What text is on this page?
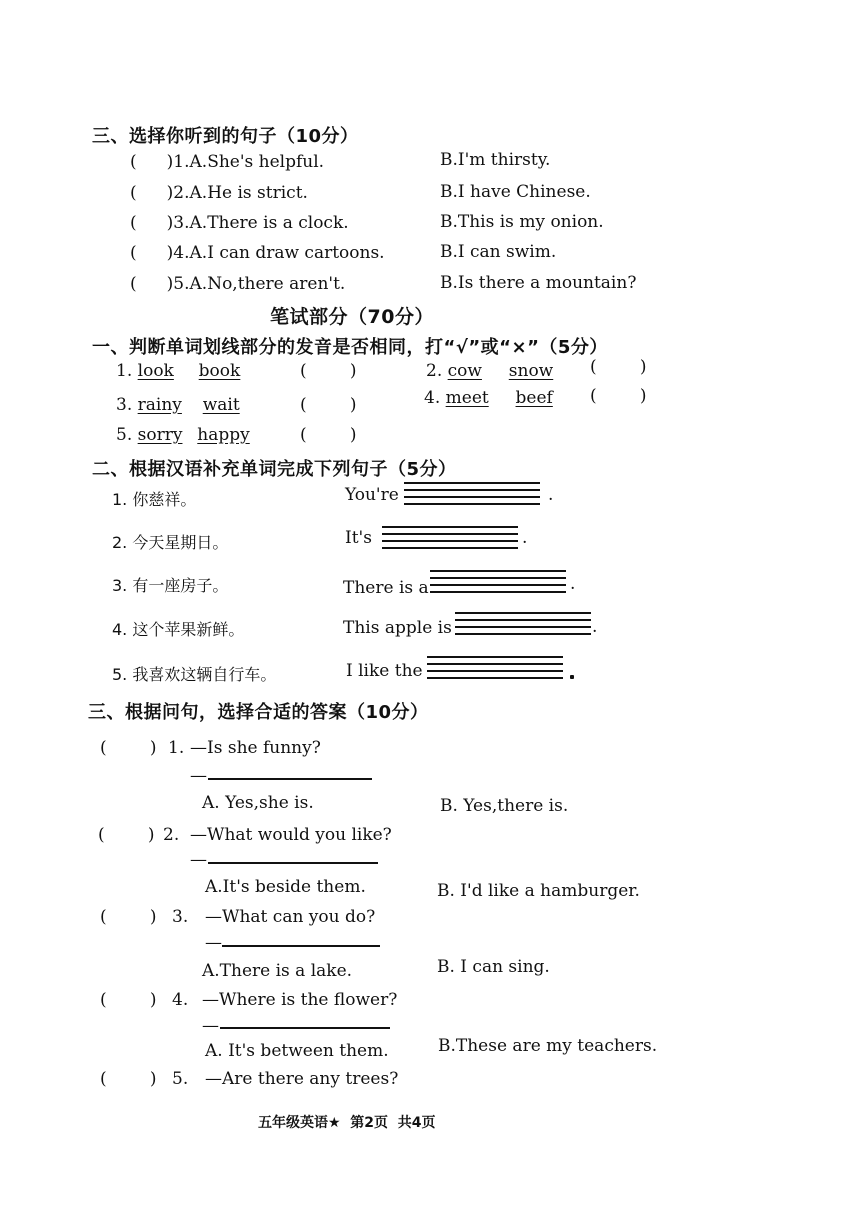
三、选择你听到的句子（10分）
( )1.A.She's helpful.	B.I'm thirsty.
( )2.A.He is strict.	B.I have Chinese.
( )3.A.There is a clock.	B.This is my onion.
( )4.A.I can draw cartoons.	B.I can swim.
( )5.A.No,there aren't.	B.Is there a mountain?
笔试部分（70分）
一、判断单词划线部分的发音是否相同，打“√”或“×”（5分）
1. look book	(        )	2. cow snow (        )
3. rainy wait	(        )	4. meet beef (        )
5. sorry happy	(        )
二、根据汉语补充单词完成下列句子（5分）
1. 你慈祥。	You're	.
2. 今天星期日。	It's	.
3. 有一座房子。	There is a	.
4. 这个苹果新鲜。	This apple is	.
5. 我喜欢这辆自行车。	I like the
三、根据问句，选择合适的答案（10分）
(        ) 1. —Is she funny?
—
A. Yes,she is.	B. Yes,there is.
(        ) 2. —What would you like?
—
A.It's beside them.	B. I'd like a hamburger.
(        ) 3. —What can you do?
—
A.There is a lake.	B. I can sing.
(        ) 4. —Where is the flower?
—
A. It's between them.	B.These are my teachers.
(        ) 5. —Are there any trees?
五年级英语★  第2页  共4页
